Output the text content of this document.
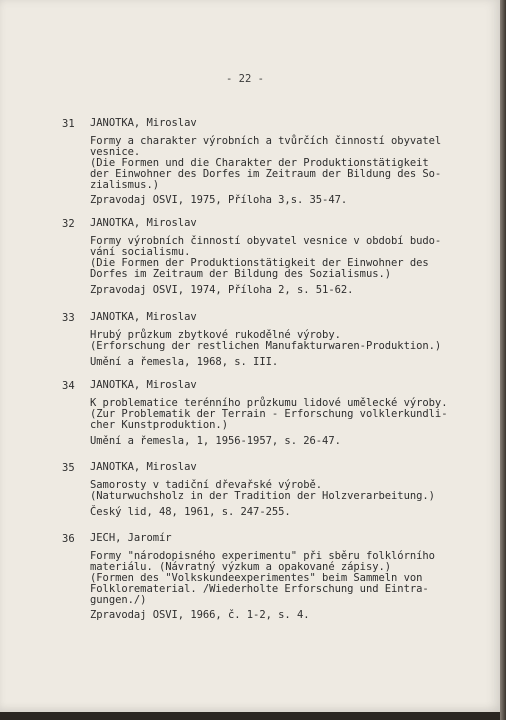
- 22 -
31 JANOTKA, Miroslav

Formy a charakter výrobních a tvůrčích činností obyvatel

vesnice.

(Die Formen und die Charakter der Produktionstätigkeit

der Einwohner des Dorfes im Zeitraum der Bildung des So-

zialismus.)

Zpravodaj OSVI, 1975, Příloha 3,s. 35-47.

32 JANOTKA, Miroslav

Formy výrobních činností obyvatel vesnice v období budo-

vání socialismu.

(Die Formen der Produktionstätigkeit der Einwohner des

Dorfes im Zeitraum der Bildung des Sozialismus.)

Zpravodaj OSVI, 1974, Příloha 2, s. 51-62.

33 JANOTKA, Miroslav

Hrubý průzkum zbytkové rukodělné výroby.

(Erforschung der restlichen Manufakturwaren-Produktion.)

Umění a řemesla, 1968, s. III.

34 JANOTKA, Miroslav

K problematice terénního průzkumu lidové umělecké výroby.

(Zur Problematik der Terrain - Erforschung volklerkundli-

cher Kunstproduktion.)

Umění a řemesla, 1, 1956-1957, s. 26-47.

35 JANOTKA, Miroslav

Samorosty v tadiční dřevařské výrobě.

(Naturwuchsholz in der Tradition der Holzverarbeitung.)

Český lid, 48, 1961, s. 247-255.

36 JECH, Jaromír

Formy "národopisného experimentu" při sběru folklórního

materiálu. (Návratný výzkum a opakované zápisy.)

(Formen des "Volkskundeexperimentes" beim Sammeln von

Folklorematerial. /Wiederholte Erforschung und Eintra-

gungen./)

Zpravodaj OSVI, 1966, č. 1-2, s. 4.
